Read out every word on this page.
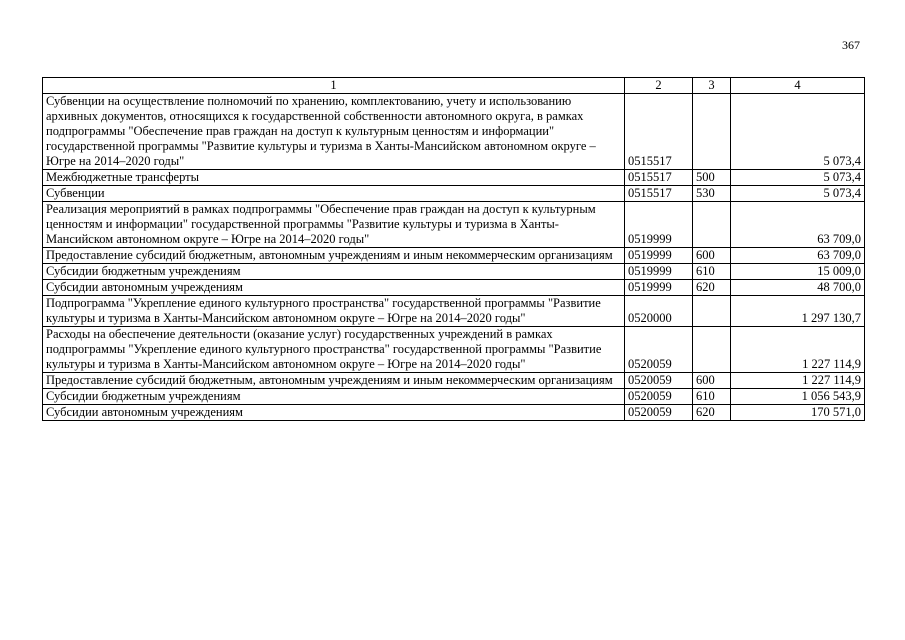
367
1	2	3	4
Субвенции на осуществление полномочий по хранению, комплектованию, учету и использованию архивных документов, относящихся к государственной собственности автономного округа, в рамках подпрограммы "Обеспечение прав граждан на доступ к культурным ценностям и информации" государственной программы "Развитие культуры и туризма в Ханты-Мансийском автономном округе – Югре на 2014–2020 годы"	0515517		5 073,4
Межбюджетные трансферты	0515517	500	5 073,4
Субвенции	0515517	530	5 073,4
Реализация мероприятий в рамках подпрограммы "Обеспечение прав граждан на доступ к культурным ценностям и информации" государственной программы "Развитие культуры и туризма в Ханты-Мансийском автономном округе – Югре на 2014–2020 годы"	0519999		63 709,0
Предоставление субсидий бюджетным, автономным учреждениям и иным некоммерческим организациям	0519999	600	63 709,0
Субсидии бюджетным учреждениям	0519999	610	15 009,0
Субсидии автономным учреждениям	0519999	620	48 700,0
Подпрограмма "Укрепление единого культурного пространства" государственной программы "Развитие культуры и туризма в Ханты-Мансийском автономном округе – Югре на 2014–2020 годы"	0520000		1 297 130,7
Расходы на обеспечение деятельности (оказание услуг) государственных учреждений в рамках подпрограммы "Укрепление единого культурного пространства" государственной программы "Развитие культуры и туризма в Ханты-Мансийском автономном округе – Югре на 2014–2020 годы"	0520059		1 227 114,9
Предоставление субсидий бюджетным, автономным учреждениям и иным некоммерческим организациям	0520059	600	1 227 114,9
Субсидии бюджетным учреждениям	0520059	610	1 056 543,9
Субсидии автономным учреждениям	0520059	620	170 571,0
